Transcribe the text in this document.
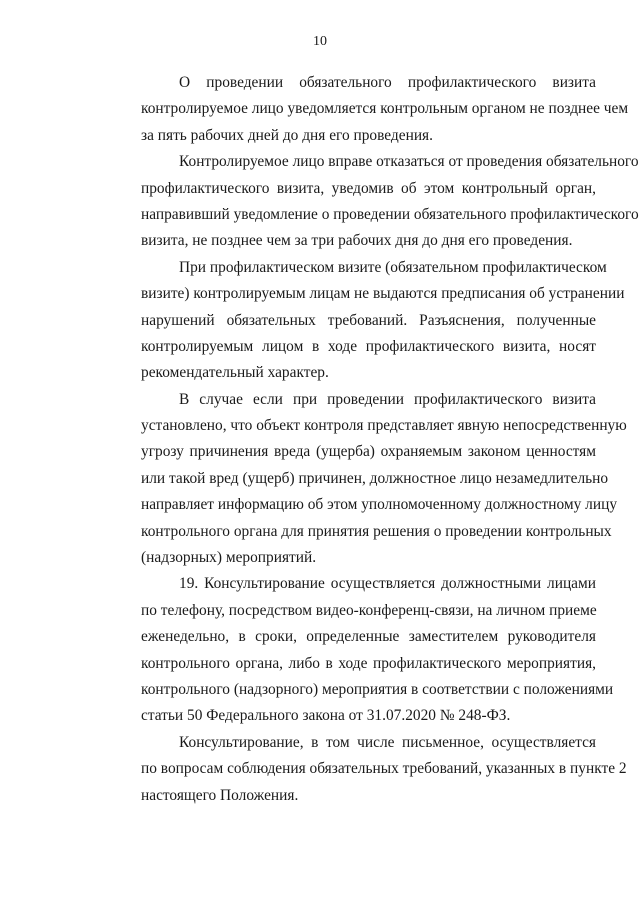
10
О проведении обязательного профилактического визита
контролируемое лицо уведомляется контрольным органом не позднее чем
за пять рабочих дней до дня его проведения.
Контролируемое лицо вправе отказаться от проведения обязательного
профилактического визита, уведомив об этом контрольный орган,
направивший уведомление о проведении обязательного профилактического
визита, не позднее чем за три рабочих дня до дня его проведения.
При профилактическом визите (обязательном профилактическом
визите) контролируемым лицам не выдаются предписания об устранении
нарушений обязательных требований. Разъяснения, полученные
контролируемым лицом в ходе профилактического визита, носят
рекомендательный характер.
В случае если при проведении профилактического визита
установлено, что объект контроля представляет явную непосредственную
угрозу причинения вреда (ущерба) охраняемым законом ценностям
или такой вред (ущерб) причинен, должностное лицо незамедлительно
направляет информацию об этом уполномоченному должностному лицу
контрольного органа для принятия решения о проведении контрольных
(надзорных) мероприятий.
19. Консультирование осуществляется должностными лицами
по телефону, посредством видео-конференц-связи, на личном приеме
еженедельно, в сроки, определенные заместителем руководителя
контрольного органа, либо в ходе профилактического мероприятия,
контрольного (надзорного) мероприятия в соответствии с положениями
статьи 50 Федерального закона от 31.07.2020 № 248-ФЗ.
Консультирование, в том числе письменное, осуществляется
по вопросам соблюдения обязательных требований, указанных в пункте 2
настоящего Положения.
